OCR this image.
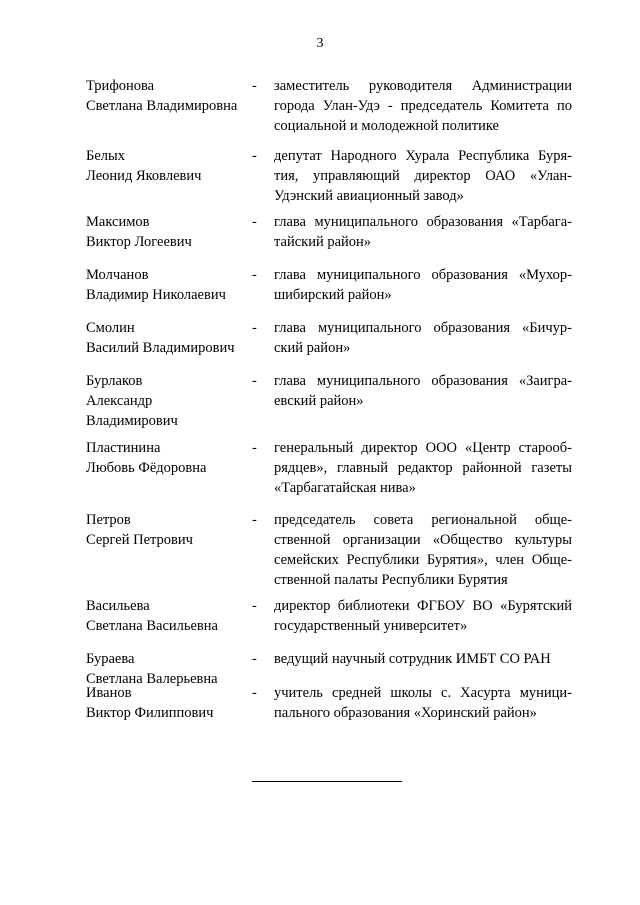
3
Трифонова
Светлана Владимировна
-	заместитель руководителя Администрации
города Улан-Удэ - председатель Комитета по
социальной и молодежной политике
Белых
Леонид Яковлевич
-	депутат Народного Хурала Республика Буря-
тия, управляющий директор ОАО «Улан-
Удэнский авиационный завод»
Максимов
Виктор Логеевич
-	глава муниципального образования «Тарбага-
тайский район»
Молчанов
Владимир Николаевич
-	глава муниципального образования «Мухор-
шибирский район»
Смолин
Василий Владимирович
-	глава муниципального образования «Бичур-
ский район»
Бурлаков
Александр
Владимирович
-	глава муниципального образования «Заигра-
евский район»
Пластинина
Любовь Фёдоровна
-	генеральный директор ООО «Центр старооб-
рядцев», главный редактор районной газеты
«Тарбагатайская нива»
Петров
Сергей Петрович
-	председатель совета региональной обще-
ственной организации «Общество культуры
семейских Республики Бурятия», член Обще-
ственной палаты Республики Бурятия
Васильева
Светлана Васильевна
-	директор библиотеки ФГБОУ ВО «Бурятский
государственный университет»
Бураева
Светлана Валерьевна
-	ведущий научный сотрудник ИМБТ СО РАН
Иванов
Виктор Филиппович
-	учитель средней школы с. Хасурта муници-
пального образования «Хоринский район»
